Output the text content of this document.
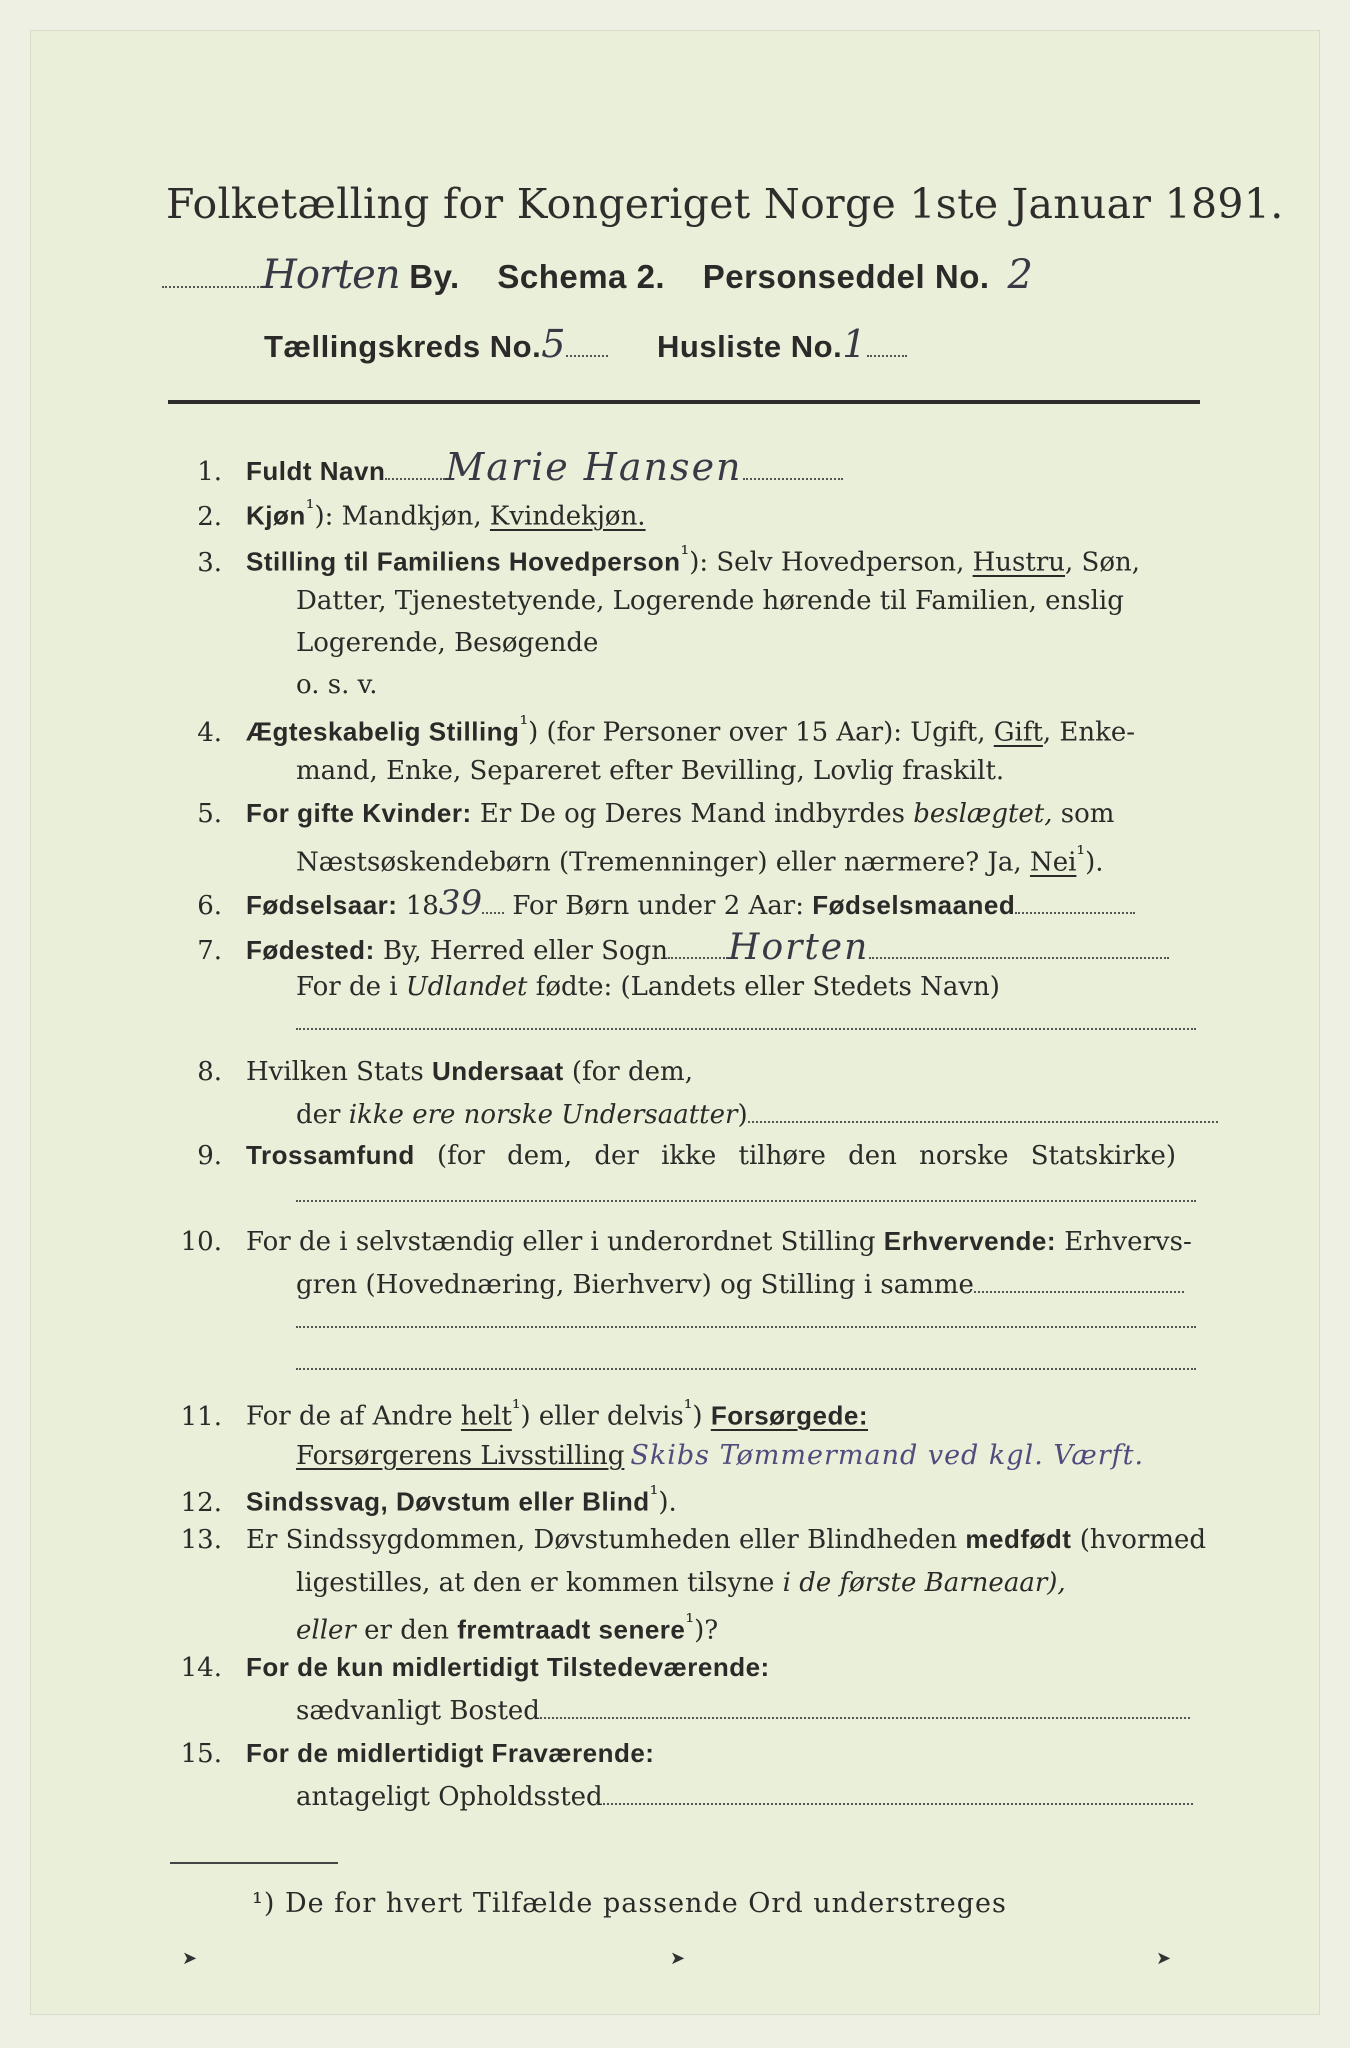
Folketælling for Kongeriget Norge 1ste Januar 1891.
Horten By. Schema 2. Personseddel No. 2
Tællingskreds No.5	Husliste No.1
1. Fuldt Navn Marie Hansen
2. Kjøn$^{^1}$): Mandkjøn, Kvindekjøn.
3. Stilling til Familiens Hovedperson$^{^1}$): Selv Hovedperson, Hustru, Søn,
Datter, Tjenestetyende, Logerende hørende til Familien, enslig
Logerende, Besøgende
o. s. v.
4. Ægteskabelig Stilling$^{^1}$) (for Personer over 15 Aar): Ugift, Gift, Enke-
mand, Enke, Separeret efter Bevilling, Lovlig fraskilt.
5. For gifte Kvinder: Er De og Deres Mand indbyrdes beslægtet, som
Næstsøskendebørn (Tremenninger) eller nærmere? Ja, Nei$^{^1}$).
6. Fødselsaar: 1839 For Børn under 2 Aar: Fødselsmaaned
7. Fødested: By, Herred eller Sogn Horten
For de i Udlandet fødte: (Landets eller Stedets Navn)
8. Hvilken Stats Undersaat (for dem,
der ikke ere norske Undersaatter)
9. Trossamfund (for dem, der ikke tilhøre den norske Statskirke)
10. For de i selvstændig eller i underordnet Stilling Erhvervende: Erhvervs-
gren (Hovednæring, Bierhverv) og Stilling i samme
11. For de af Andre helt$^{^1}$) eller delvis$^{^1}$) Forsørgede:
Forsørgerens Livsstilling Skibs Tømmermand ved kgl. Værft.
12. Sindssvag, Døvstum eller Blind$^{^1}$).
13. Er Sindssygdommen, Døvstumheden eller Blindheden medfødt (hvormed
ligestilles, at den er kommen tilsyne i de første Barneaar),
eller er den fremtraadt senere$^{^1}$)?
14. For de kun midlertidigt Tilstedeværende:
sædvanligt Bosted
15. For de midlertidigt Fraværende:
antageligt Opholdssted
¹) De for hvert Tilfælde passende Ord understreges
➤	➤	➤
